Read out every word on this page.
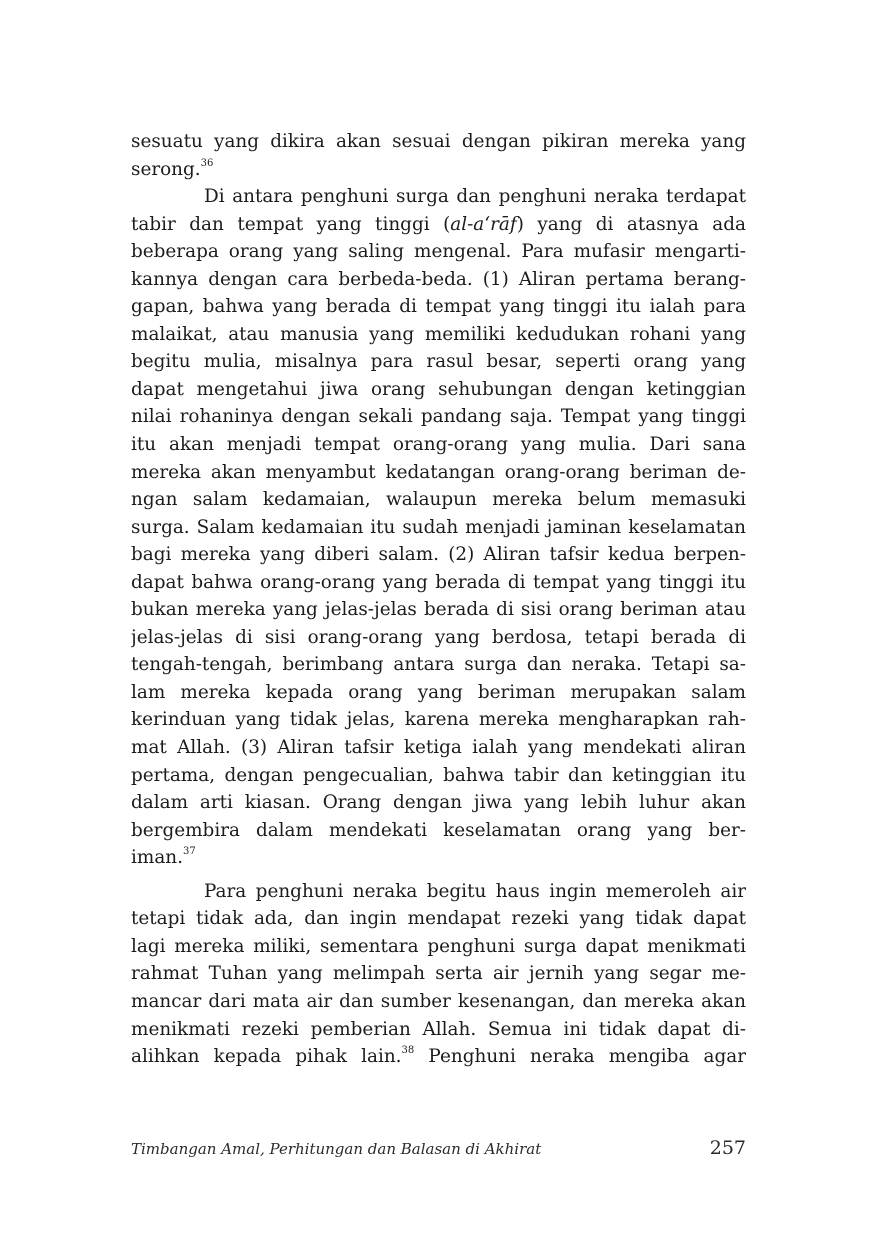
sesuatu yang dikira akan sesuai dengan pikiran mereka yang
serong.$^{36}$
Di antara penghuni surga dan penghuni neraka terdapat
tabir dan tempat yang tinggi (al-a‘rāf) yang di atasnya ada
beberapa orang yang saling mengenal. Para mufasir mengarti-
kannya dengan cara berbeda-beda. (1) Aliran pertama berang-
gapan, bahwa yang berada di tempat yang tinggi itu ialah para
malaikat, atau manusia yang memiliki kedudukan rohani yang
begitu mulia, misalnya para rasul besar, seperti orang yang
dapat mengetahui jiwa orang sehubungan dengan ketinggian
nilai rohaninya dengan sekali pandang saja. Tempat yang tinggi
itu akan menjadi tempat orang-orang yang mulia. Dari sana
mereka akan menyambut kedatangan orang-orang beriman de-
ngan salam kedamaian, walaupun mereka belum memasuki
surga. Salam kedamaian itu sudah menjadi jaminan keselamatan
bagi mereka yang diberi salam. (2) Aliran tafsir kedua berpen-
dapat bahwa orang-orang yang berada di tempat yang tinggi itu
bukan mereka yang jelas-jelas berada di sisi orang beriman atau
jelas-jelas di sisi orang-orang yang berdosa, tetapi berada di
tengah-tengah, berimbang antara surga dan neraka. Tetapi sa-
lam mereka kepada orang yang beriman merupakan salam
kerinduan yang tidak jelas, karena mereka mengharapkan rah-
mat Allah. (3) Aliran tafsir ketiga ialah yang mendekati aliran
pertama, dengan pengecualian, bahwa tabir dan ketinggian itu
dalam arti kiasan. Orang dengan jiwa yang lebih luhur akan
bergembira dalam mendekati keselamatan orang yang ber-
iman.$^{37}$
Para penghuni neraka begitu haus ingin memeroleh air
tetapi tidak ada, dan ingin mendapat rezeki yang tidak dapat
lagi mereka miliki, sementara penghuni surga dapat menikmati
rahmat Tuhan yang melimpah serta air jernih yang segar me-
mancar dari mata air dan sumber kesenangan, dan mereka akan
menikmati rezeki pemberian Allah. Semua ini tidak dapat di-
alihkan kepada pihak lain.$^{38}$ Penghuni neraka mengiba agar
Timbangan Amal, Perhitungan dan Balasan di Akhirat	257
